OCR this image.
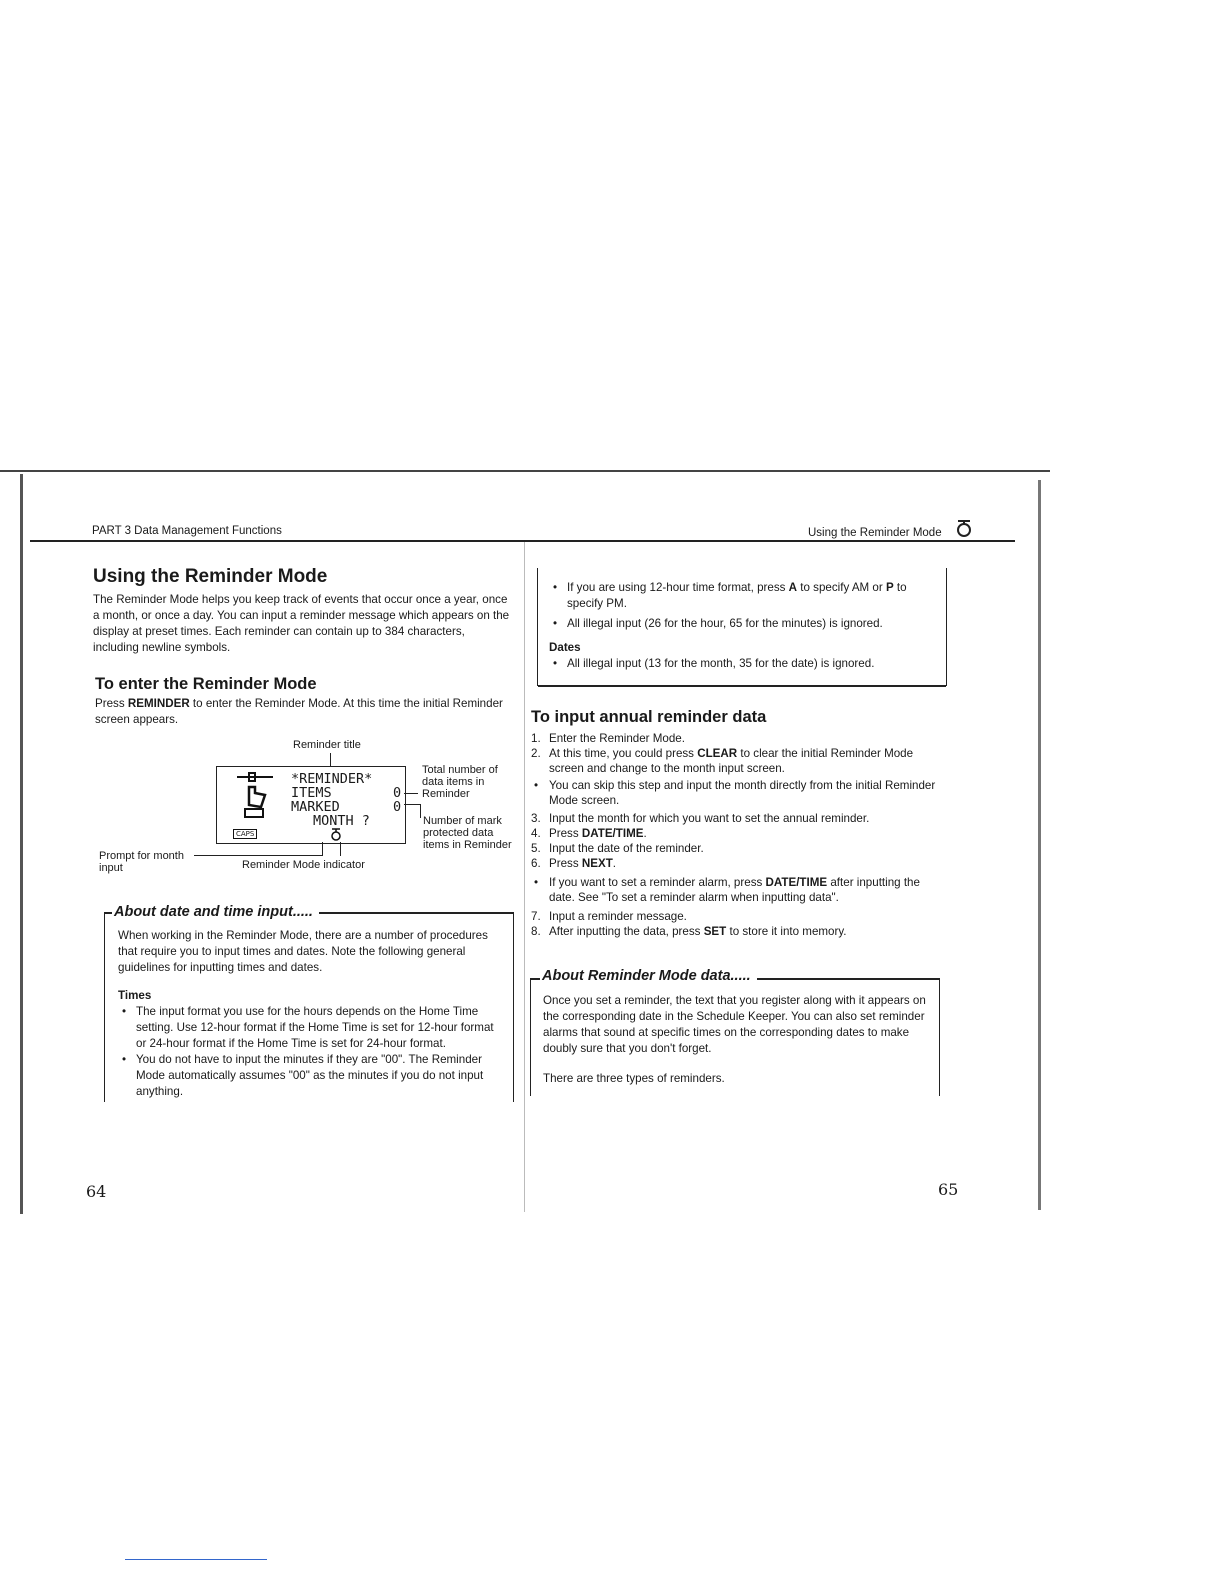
PART 3 Data Management Functions	Using the Reminder Mode
Using the Reminder Mode

The Reminder Mode helps you keep track of events that occur once a year, once a month, or once a day. You can input a reminder message which appears on the display at preset times. Each reminder can contain up to 384 characters, including newline symbols.

To enter the Reminder Mode
Press REMINDER to enter the Reminder Mode. At this time the initial Reminder screen appears.
Reminder title
*REMINDER*
ITEMS	0
MARKED	0
MONTH ?
CAPS
Total number of data items in Reminder
Number of mark protected data items in Reminder
Prompt for month input	Reminder Mode indicator
About date and time input.....

When working in the Reminder Mode, there are a number of procedures that require you to input times and dates. Note the following general guidelines for inputting times and dates.

Times

• The input format you use for the hours depends on the Home Time setting. Use 12-hour format if the Home Time is set for 12-hour format or 24-hour format if the Home Time is set for 24-hour format.
• You do not have to input the minutes if they are "00". The Reminder Mode automatically assumes "00" as the minutes if you do not input anything.
64
• If you are using 12-hour time format, press A to specify AM or P to specify PM.
• All illegal input (26 for the hour, 65 for the minutes) is ignored.

Dates

• All illegal input (13 for the month, 35 for the date) is ignored.
To input annual reminder data
1. Enter the Reminder Mode.
2. At this time, you could press CLEAR to clear the initial Reminder Mode screen and change to the month input screen.
• You can skip this step and input the month directly from the initial Reminder Mode screen.
3. Input the month for which you want to set the annual reminder.
4. Press DATE/TIME.
5. Input the date of the reminder.
6. Press NEXT.
• If you want to set a reminder alarm, press DATE/TIME after inputting the date. See "To set a reminder alarm when inputting data".
7. Input a reminder message.
8. After inputting the data, press SET to store it into memory.
About Reminder Mode data.....

Once you set a reminder, the text that you register along with it appears on the corresponding date in the Schedule Keeper. You can also set reminder alarms that sound at specific times on the corresponding dates to make doubly sure that you don't forget.

There are three types of reminders.

65
